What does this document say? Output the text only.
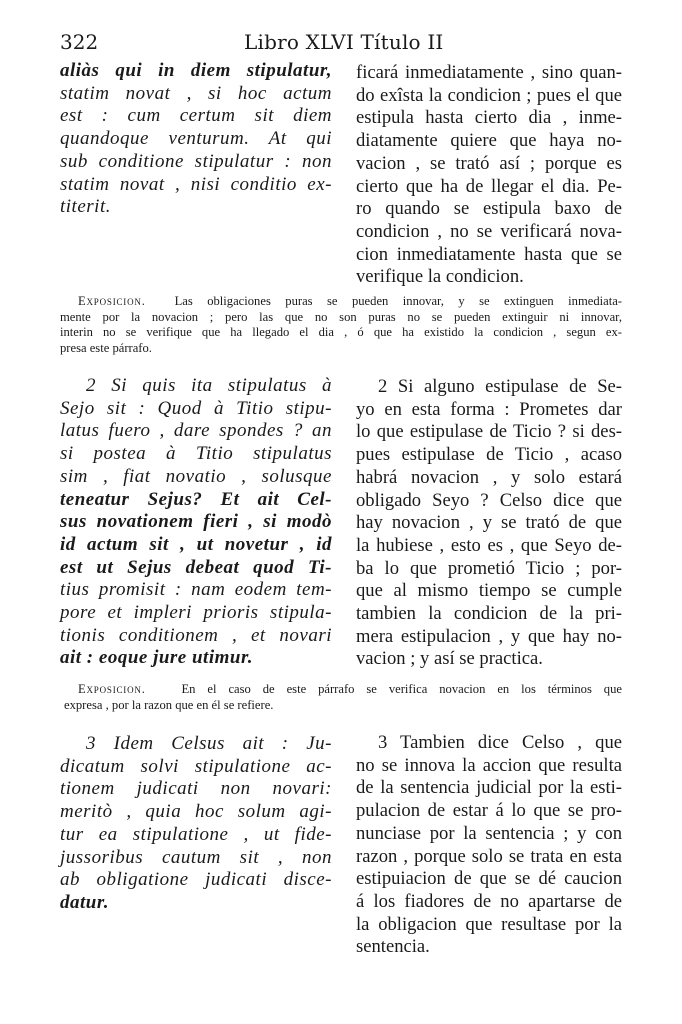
322	Libro XLVI Título II
aliàs qui in diem stipulatur,
statim novat , si hoc actum
est : cum certum sit diem
quandoque venturum. At qui
sub conditione stipulatur : non
statim novat , nisi conditio ex-
titerit.
ficará inmediatamente , sino quan-
do exîsta la condicion ; pues el que
estipula hasta cierto dia , inme-
diatamente quiere que haya no-
vacion , se trató así ; porque es
cierto que ha de llegar el dia. Pe-
ro quando se estipula baxo de
condicion , no se verificará nova-
cion inmediatamente hasta que se
verifique la condicion.
Exposicion. Las obligaciones puras se pueden innovar, y se extinguen inmediata-
mente por la novacion ; pero las que no son puras no se pueden extinguir ni innovar,
interin no se verifique que ha llegado el dia , ó que ha existido la condicion , segun ex-
presa este párrafo.
2 Si quis ita stipulatus à
Sejo sit : Quod à Titio stipu-
latus fuero , dare spondes ? an
si postea à Titio stipulatus
sim , fiat novatio , solusque
teneatur Sejus? Et ait Cel-
sus novationem fieri , si modò
id actum sit , ut novetur , id
est ut Sejus debeat quod Ti-
tius promisit : nam eodem tem-
pore et impleri prioris stipula-
tionis conditionem , et novari
ait : eoque jure utimur.
2 Si alguno estipulase de Se-
yo en esta forma : Prometes dar
lo que estipulase de Ticio ? si des-
pues estipulase de Ticio , acaso
habrá novacion , y solo estará
obligado Seyo ? Celso dice que
hay novacion , y se trató de que
la hubiese , esto es , que Seyo de-
ba lo que prometió Ticio ; por-
que al mismo tiempo se cumple
tambien la condicion de la pri-
mera estipulacion , y que hay no-
vacion ; y así se practica.
Exposicion.	En el caso de este párrafo se verifica novacion en los términos que
expresa , por la razon que en él se refiere.
3 Idem Celsus ait : Ju-
dicatum solvi stipulatione ac-
tionem judicati non novari:
meritò , quia hoc solum agi-
tur ea stipulatione , ut fide-
jussoribus cautum sit , non
ab obligatione judicati disce-
datur.
3 Tambien dice Celso , que
no se innova la accion que resulta
de la sentencia judicial por la esti-
pulacion de estar á lo que se pro-
nunciase por la sentencia ; y con
razon , porque solo se trata en esta
estipuiacion de que se dé caucion
á los fiadores de no apartarse de
la obligacion que resultase por la
sentencia.
